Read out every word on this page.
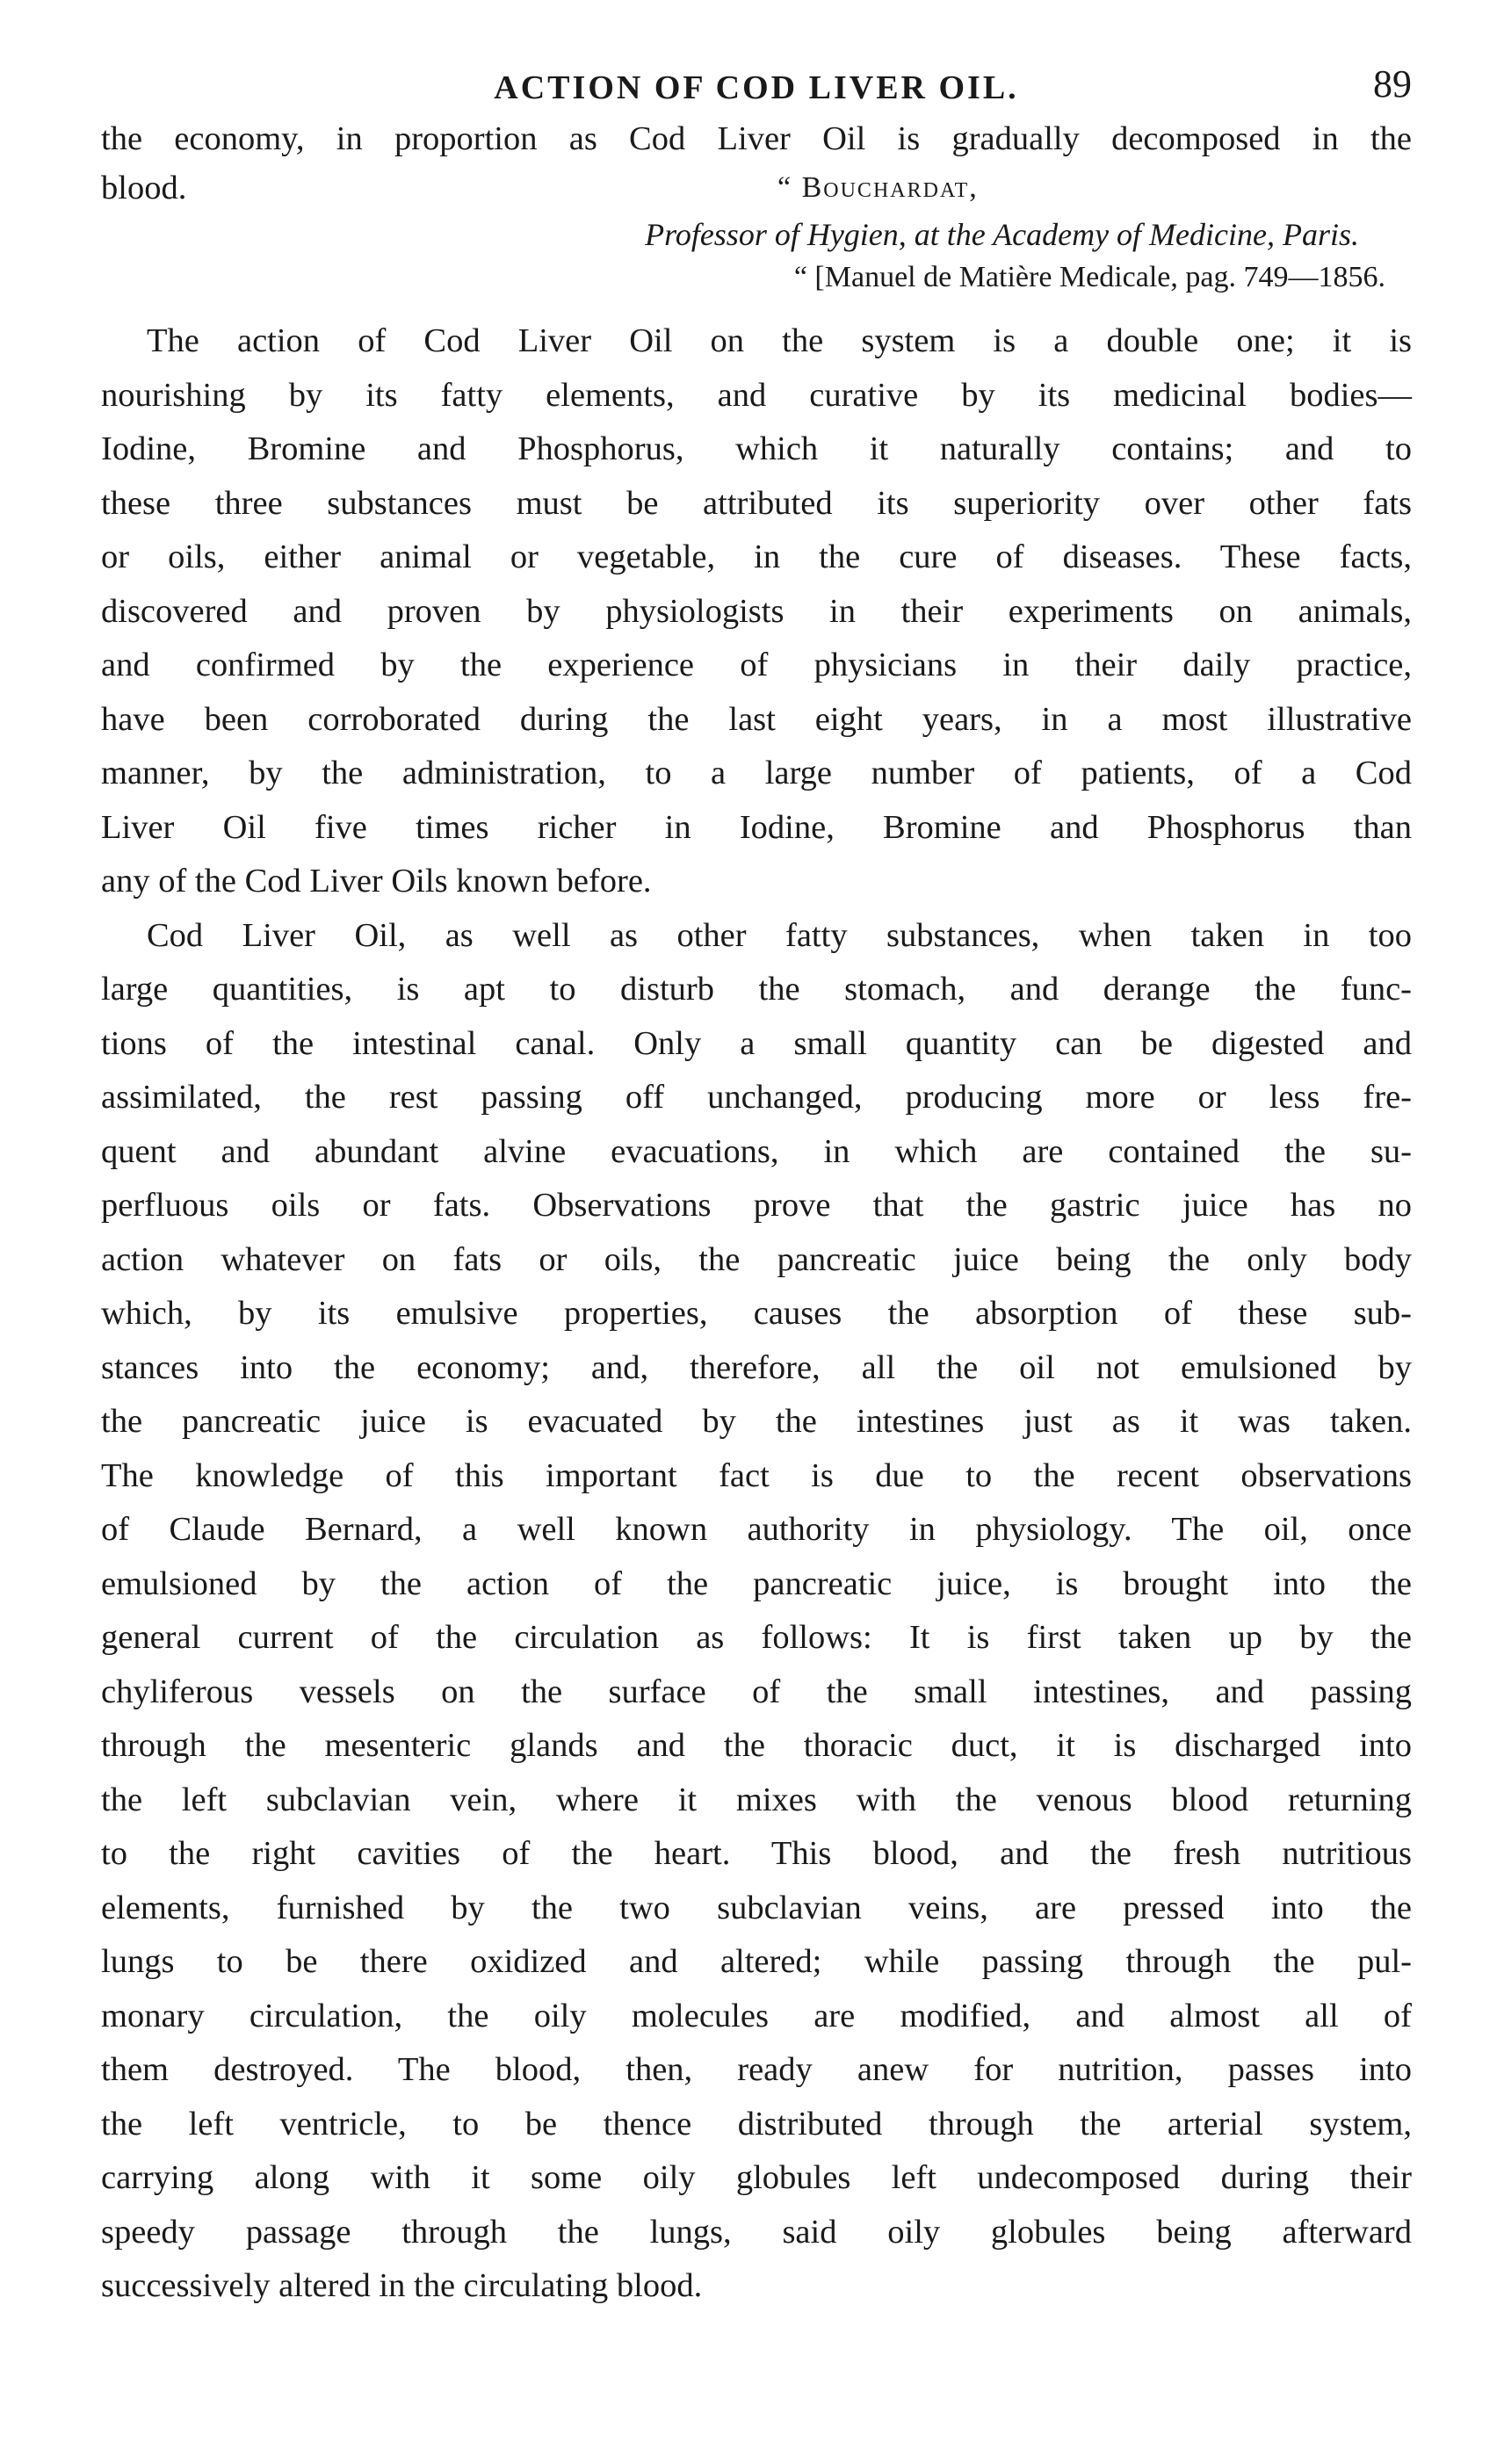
ACTION OF COD LIVER OIL.	89
the economy, in proportion as Cod Liver Oil is gradually decomposed in the
blood.	“ Bouchardat,
Professor of Hygien, at the Academy of Medicine, Paris.
“ [Manuel de Matière Medicale, pag. 749—1856.

The action of Cod Liver Oil on the system is a double one; it is
nourishing by its fatty elements, and curative by its medicinal bodies—
Iodine, Bromine and Phosphorus, which it naturally contains; and to
these three substances must be attributed its superiority over other fats
or oils, either animal or vegetable, in the cure of diseases. These facts,
discovered and proven by physiologists in their experiments on animals,
and confirmed by the experience of physicians in their daily practice,
have been corroborated during the last eight years, in a most illustrative
manner, by the administration, to a large number of patients, of a Cod
Liver Oil five times richer in Iodine, Bromine and Phosphorus than
any of the Cod Liver Oils known before.

Cod Liver Oil, as well as other fatty substances, when taken in too
large quantities, is apt to disturb the stomach, and derange the func-
tions of the intestinal canal. Only a small quantity can be digested and
assimilated, the rest passing off unchanged, producing more or less fre-
quent and abundant alvine evacuations, in which are contained the su-
perfluous oils or fats. Observations prove that the gastric juice has no
action whatever on fats or oils, the pancreatic juice being the only body
which, by its emulsive properties, causes the absorption of these sub-
stances into the economy; and, therefore, all the oil not emulsioned by
the pancreatic juice is evacuated by the intestines just as it was taken.
The knowledge of this important fact is due to the recent observations
of Claude Bernard, a well known authority in physiology. The oil, once
emulsioned by the action of the pancreatic juice, is brought into the
general current of the circulation as follows: It is first taken up by the
chyliferous vessels on the surface of the small intestines, and passing
through the mesenteric glands and the thoracic duct, it is discharged into
the left subclavian vein, where it mixes with the venous blood returning
to the right cavities of the heart. This blood, and the fresh nutritious
elements, furnished by the two subclavian veins, are pressed into the
lungs to be there oxidized and altered; while passing through the pul-
monary circulation, the oily molecules are modified, and almost all of
them destroyed. The blood, then, ready anew for nutrition, passes into
the left ventricle, to be thence distributed through the arterial system,
carrying along with it some oily globules left undecomposed during their
speedy passage through the lungs, said oily globules being afterward
successively altered in the circulating blood.
